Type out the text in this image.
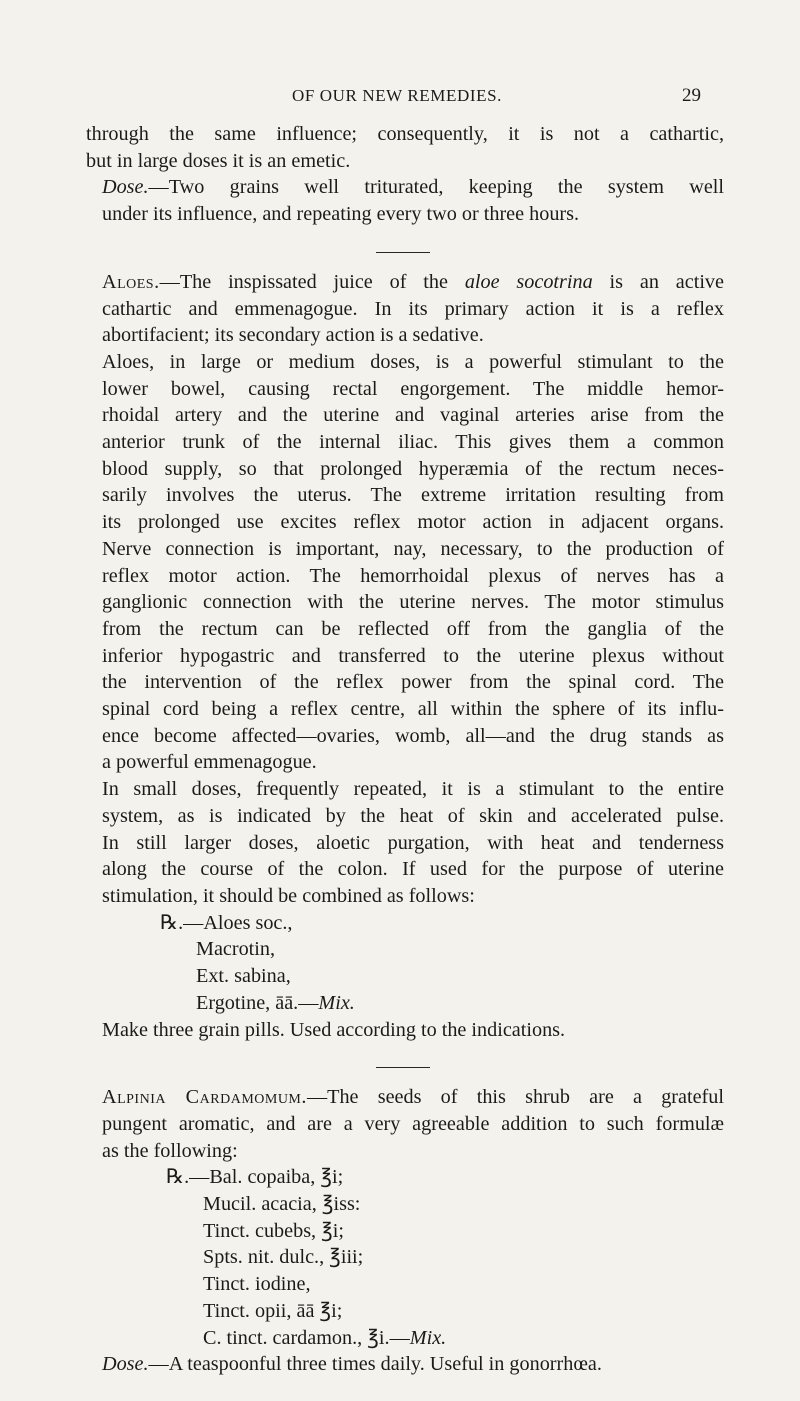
OF OUR NEW REMEDIES.	29

through the same influence; consequently, it is not a cathartic,
but in large doses it is an emetic.

Dose.—Two grains well triturated, keeping the system well
under its influence, and repeating every two or three hours.

Aloes.—The inspissated juice of the aloe socotrina is an active
cathartic and emmenagogue. In its primary action it is a reflex
abortifacient; its secondary action is a sedative.

Aloes, in large or medium doses, is a powerful stimulant to the
lower bowel, causing rectal engorgement. The middle hemor-
rhoidal artery and the uterine and vaginal arteries arise from the
anterior trunk of the internal iliac. This gives them a common
blood supply, so that prolonged hyperæmia of the rectum neces-
sarily involves the uterus. The extreme irritation resulting from
its prolonged use excites reflex motor action in adjacent organs.
Nerve connection is important, nay, necessary, to the production of
reflex motor action. The hemorrhoidal plexus of nerves has a
ganglionic connection with the uterine nerves. The motor stimulus
from the rectum can be reflected off from the ganglia of the
inferior hypogastric and transferred to the uterine plexus without
the intervention of the reflex power from the spinal cord. The
spinal cord being a reflex centre, all within the sphere of its influ-
ence become affected—ovaries, womb, all—and the drug stands as
a powerful emmenagogue.

In small doses, frequently repeated, it is a stimulant to the entire
system, as is indicated by the heat of skin and accelerated pulse.
In still larger doses, aloetic purgation, with heat and tenderness
along the course of the colon. If used for the purpose of uterine
stimulation, it should be combined as follows:

℞.—Aloes soc.,
Macrotin,
Ext. sabina,
Ergotine, āā.—Mix.

Make three grain pills. Used according to the indications.

Alpinia Cardamomum.—The seeds of this shrub are a grateful
pungent aromatic, and are a very agreeable addition to such formulæ
as the following:

℞.—Bal. copaiba, ℥i;
Mucil. acacia, ℥iss:
Tinct. cubebs, ℥i;
Spts. nit. dulc., ℥iii;
Tinct. iodine,
Tinct. opii, āā ℥i;
C. tinct. cardamon., ℥i.—Mix.

Dose.—A teaspoonful three times daily. Useful in gonorrhœa.
